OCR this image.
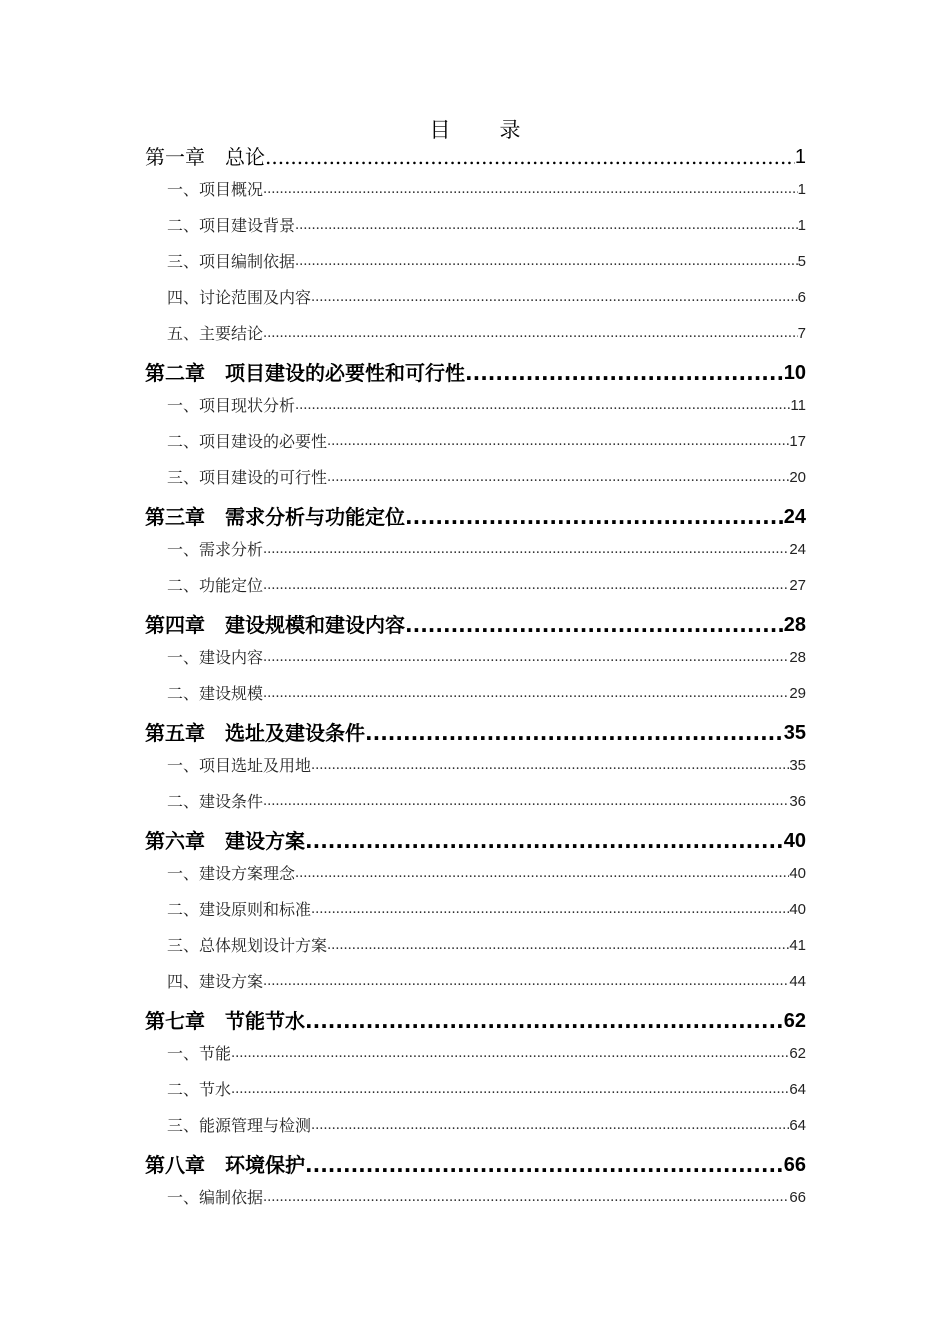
目　录
第一章　总论 .....	1
一、项目概况 .....	1
二、项目建设背景 .....	1
三、项目编制依据 .....	5
四、讨论范围及内容 .....	6
五、主要结论 .....	7
第二章　项目建设的必要性和可行性 .....	10
一、项目现状分析 .....	11
二、项目建设的必要性 .....	17
三、项目建设的可行性 .....	20
第三章　需求分析与功能定位 .....	24
一、需求分析 .....	24
二、功能定位 .....	27
第四章　建设规模和建设内容 .....	28
一、建设内容 .....	28
二、建设规模 .....	29
第五章　选址及建设条件 .....	35
一、项目选址及用地 .....	35
二、建设条件 .....	36
第六章　建设方案 .....	40
一、建设方案理念 .....	40
二、建设原则和标准 .....	40
三、总体规划设计方案 .....	41
四、建设方案 .....	44
第七章　节能节水 .....	62
一、节能 .....	62
二、节水 .....	64
三、能源管理与检测 .....	64
第八章　环境保护 .....	66
一、编制依据 .....	66
